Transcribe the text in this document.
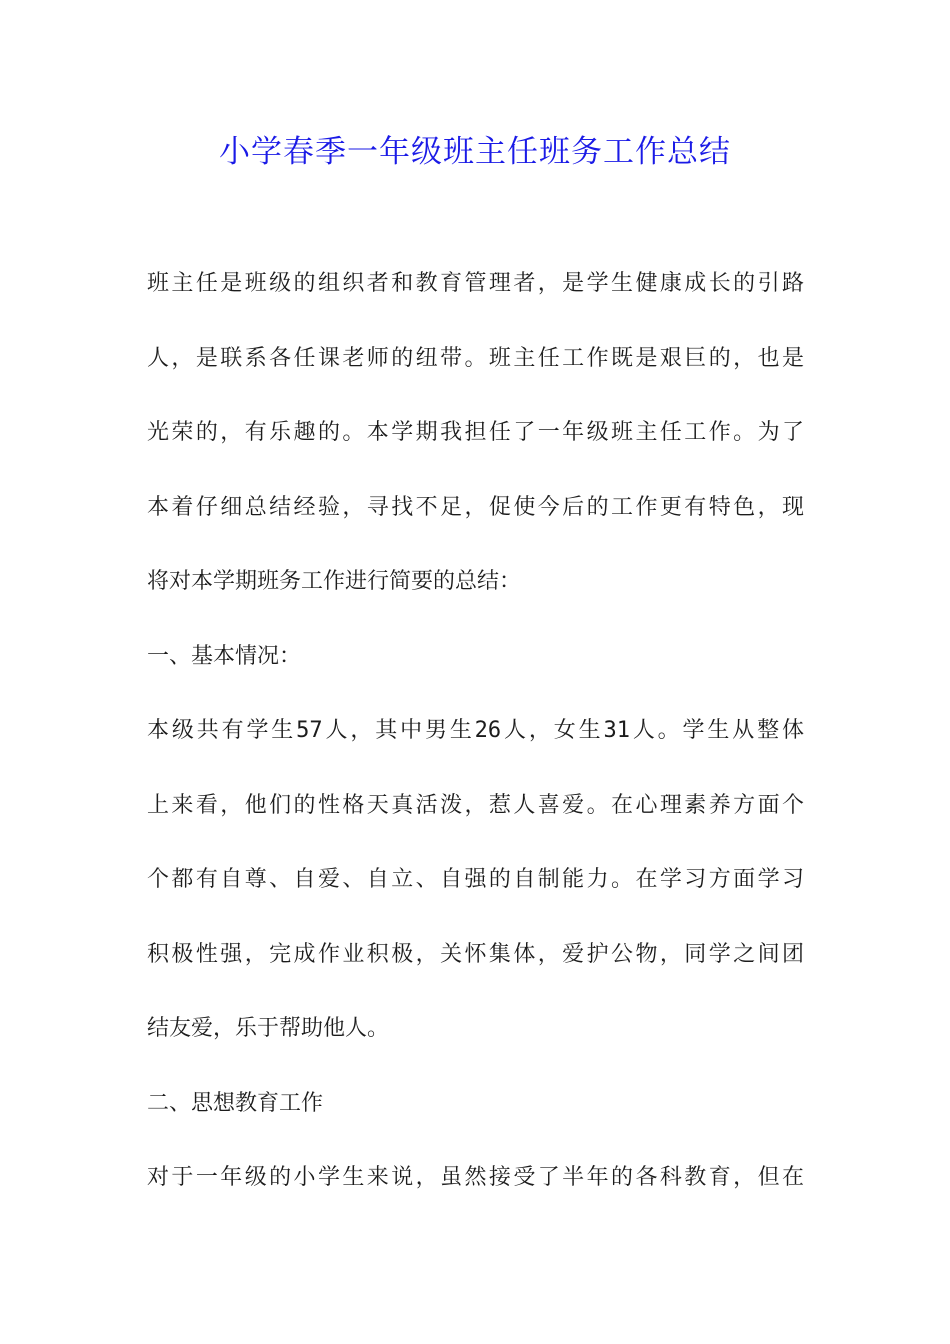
小学春季一年级班主任班务工作总结
班主任是班级的组织者和教育管理者，是学生健康成长的引路
人，是联系各任课老师的纽带。班主任工作既是艰巨的，也是
光荣的，有乐趣的。本学期我担任了一年级班主任工作。为了
本着仔细总结经验，寻找不足，促使今后的工作更有特色，现
将对本学期班务工作进行简要的总结：
一、基本情况：
本级共有学生57人，其中男生26人，女生31人。学生从整体
上来看，他们的性格天真活泼，惹人喜爱。在心理素养方面个
个都有自尊、自爱、自立、自强的自制能力。在学习方面学习
积极性强，完成作业积极，关怀集体，爱护公物，同学之间团
结友爱，乐于帮助他人。
二、思想教育工作
对于一年级的小学生来说，虽然接受了半年的各科教育，但在
